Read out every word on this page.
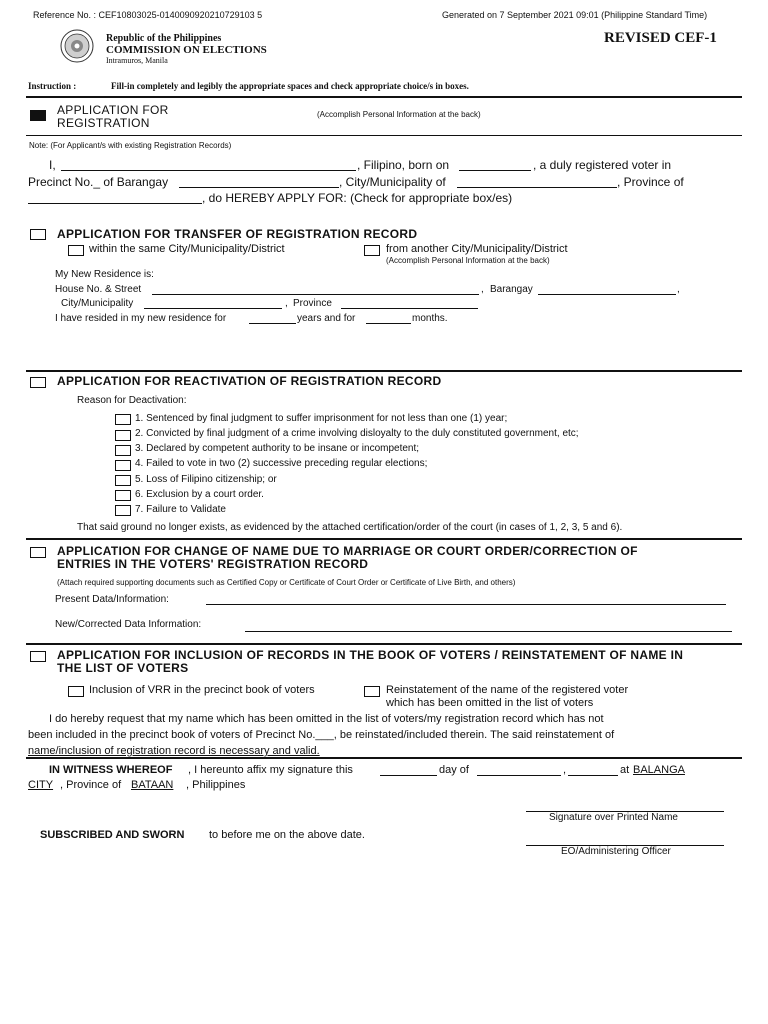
Reference No. : CEF10803025-0140090920210729103 5	Generated on 7 September 2021 09:01 (Philippine Standard Time)
Republic of the Philippines
COMMISSION ON ELECTIONS
Intramuros, Manila
REVISED CEF-1
Instruction :	Fill-in completely and legibly the appropriate spaces and check appropriate choice/s in boxes.
APPLICATION FOR
REGISTRATION
(Accomplish Personal Information at the back)
Note: (For Applicant/s with existing Registration Records)
I,	, Filipino, born on	, a duly registered voter in
Precinct No._ of Barangay	, City/Municipality of	, Province of
, do HEREBY APPLY FOR: (Check for appropriate box/es)
APPLICATION FOR TRANSFER OF REGISTRATION RECORD
within the same City/Municipality/District	from another City/Municipality/District
(Accomplish Personal Information at the back)
My New Residence is:
House No. & Street	, Barangay	,
City/Municipality	, Province
I have resided in my new residence for	years and for	months.
APPLICATION FOR REACTIVATION OF REGISTRATION RECORD
Reason for Deactivation:
1. Sentenced by final judgment to suffer imprisonment for not less than one (1) year;
2. Convicted by final judgment of a crime involving disloyalty to the duly constituted government, etc;
3. Declared by competent authority to be insane or incompetent;
4. Failed to vote in two (2) successive preceding regular elections;
5. Loss of Filipino citizenship; or
6. Exclusion by a court order.
7. Failure to Validate
That said ground no longer exists, as evidenced by the attached certification/order of the court (in cases of 1, 2, 3, 5 and 6).
APPLICATION FOR CHANGE OF NAME DUE TO MARRIAGE OR COURT ORDER/CORRECTION OF
ENTRIES IN THE VOTERS' REGISTRATION RECORD
(Attach required supporting documents such as Certified Copy or Certificate of Court Order or Certificate of Live Birth, and others)
Present Data/Information:
New/Corrected Data Information:
APPLICATION FOR INCLUSION OF RECORDS IN THE BOOK OF VOTERS / REINSTATEMENT OF NAME IN
THE LIST OF VOTERS
Inclusion of VRR in the precinct book of voters	Reinstatement of the name of the registered voter
which has been omitted in the list of voters
I do hereby request that my name which has been omitted in the list of voters/my registration record which has not
been included in the precinct book of voters of Precinct No.___, be reinstated/included therein. The said reinstatement of
name/inclusion of registration record is necessary and valid.
IN WITNESS WHEREOF , I hereunto affix my signature this	day of	,	at BALANGA
CITY , Province of BATAAN , Philippines
Signature over Printed Name
SUBSCRIBED AND SWORN to before me on the above date.
EO/Administering Officer
